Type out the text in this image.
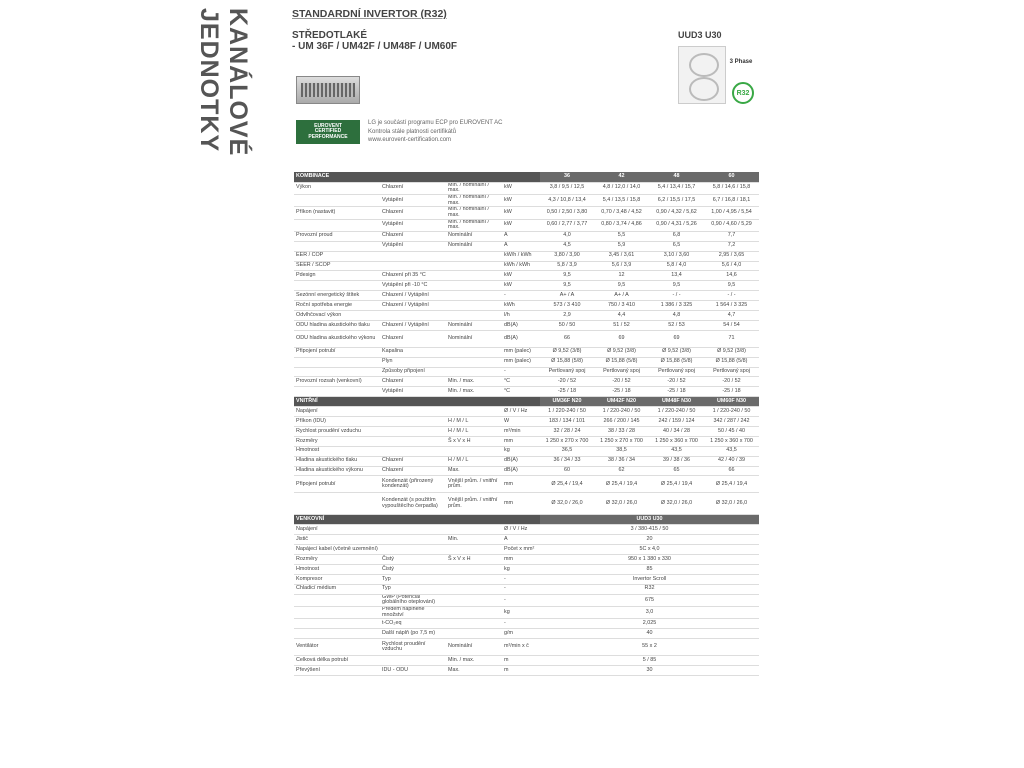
KANÁLOVÉ JEDNOTKY	STANDARDNÍ INVERTOR (R32)
STŘEDOTLAKÉ
- UM 36F / UM42F / UM48F / UM60F
EUROVENT
CERTIFIED
PERFORMANCE
LG je součástí programu ECP pro EUROVENT AC
Kontrola stále platnosti certifikátů
www.eurovent-certification.com
UUD3 U30
3 Phase
R32
KOMBINACE				36	42	48	60
Výkon	Chlazení	Min. / nominální / max.	kW	3,8 / 9,5 / 12,5	4,8 / 12,0 / 14,0	5,4 / 13,4 / 15,7	5,8 / 14,6 / 15,8
	Vytápění	Min. / nominální / max.	kW	4,3 / 10,8 / 13,4	5,4 / 13,5 / 15,8	6,2 / 15,5 / 17,5	6,7 / 16,8 / 18,1
Příkon (nastavit)	Chlazení	Min. / nominální / max.	kW	0,50 / 2,50 / 3,80	0,70 / 3,48 / 4,52	0,90 / 4,32 / 5,62	1,00 / 4,95 / 5,54
	Vytápění	Min. / nominální / max.	kW	0,60 / 2,77 / 3,77	0,80 / 3,74 / 4,86	0,90 / 4,31 / 5,26	0,90 / 4,60 / 5,29
Provozní proud	Chlazení	Nominální	A	4,0	5,5	6,8	7,7
	Vytápění	Nominální	A	4,5	5,9	6,5	7,2
EER / COP			kW/h / kWh	3,80 / 3,90	3,45 / 3,61	3,10 / 3,60	2,95 / 3,65
SEER / SCOP			kWh / kWh	5,8 / 3,9	5,6 / 3,9	5,8 / 4,0	5,6 / 4,0
Pdesign	Chlazení při 35 °C		kW	9,5	12	13,4	14,6
	Vytápění při -10 °C		kW	9,5	9,5	9,5	9,5
Sezónní energetický štítek	Chlazení / Vytápění		-	A+ / A	A+ / A	- / -	- / -
Roční spotřeba energie	Chlazení / Vytápění		kWh	573 / 3 410	750 / 3 410	1 386 / 3 325	1 564 / 3 325
Odvlhčovací výkon			l/h	2,9	4,4	4,8	4,7
ODU hladina akustického tlaku	Chlazení / Vytápění	Nominální	dB(A)	50 / 50	51 / 52	52 / 53	54 / 54
ODU hladina akustického výkonu	Chlazení	Nominální	dB(A)	66	69	69	71
Připojení potrubí	Kapalina		mm (palec)	Ø 9,52 (3/8)	Ø 9,52 (3/8)	Ø 9,52 (3/8)	Ø 9,52 (3/8)
	Plyn		mm (palec)	Ø 15,88 (5/8)	Ø 15,88 (5/8)	Ø 15,88 (5/8)	Ø 15,88 (5/8)
	Způsoby připojení		-	Pertlovaný spoj	Pertlovaný spoj	Pertlovaný spoj	Pertlovaný spoj
Provozní rozsah (venkovní)	Chlazení	Min. / max.	°C	-20 / 52	-20 / 52	-20 / 52	-20 / 52
	Vytápění	Min. / max.	°C	-25 / 18	-25 / 18	-25 / 18	-25 / 18
VNITŘNÍ				UM36F N20	UM42F N20	UM48F N30	UM60F N30
Napájení			Ø / V / Hz	1 / 220-240 / 50	1 / 220-240 / 50	1 / 220-240 / 50	1 / 220-240 / 50
Příkon (IDU)		H / M / L	W	183 / 134 / 101	266 / 200 / 145	242 / 159 / 124	342 / 287 / 242
Rychlost proudění vzduchu		H / M / L	m³/min	32 / 28 / 24	38 / 33 / 28	40 / 34 / 28	50 / 45 / 40
Rozměry		Š x V x H	mm	1 250 x 270 x 700	1 250 x 270 x 700	1 250 x 360 x 700	1 250 x 360 x 700
Hmotnost			kg	36,5	38,5	43,5	43,5
Hladina akustického tlaku	Chlazení	H / M / L	dB(A)	36 / 34 / 33	38 / 36 / 34	39 / 38 / 36	42 / 40 / 39
Hladina akustického výkonu	Chlazení	Max.	dB(A)	60	62	65	66
Připojení potrubí	Kondenzát (přirozený kondenzát)	Vnější prům. / vnitřní prům.	mm	Ø 25,4 / 19,4	Ø 25,4 / 19,4	Ø 25,4 / 19,4	Ø 25,4 / 19,4
	Kondenzát (s použitím vypouštěcího čerpadla)	Vnější prům. / vnitřní prům.	mm	Ø 32,0 / 26,0	Ø 32,0 / 26,0	Ø 32,0 / 26,0	Ø 32,0 / 26,0
VENKOVNÍ				UUD3 U30			
Napájení			Ø / V / Hz	3 / 380-415 / 50			
Jistič		Min.	A	20			
Napájecí kabel (včetně uzemnění)			Počet x mm²	5C x 4,0			
Rozměry	Čistý	Š x V x H	mm	950 x 1 380 x 330			
Hmotnost	Čistý		kg	85			
Kompresor	Typ		-	Invertor Scroll			
Chladicí médium	Typ		-	R32			
	GWP (Potenciál globálního oteplování)		-	675			
	Předem naplněné množství		kg	3,0			
	t-CO₂eq		-	2,025			
	Další náplň (po 7,5 m)		g/m	40			
Ventilátor	Rychlost proudění vzduchu	Nominální	m³/min x č	55 x 2			
Celková délka potrubí		Min. / max.	m	5 / 85			
Převýšení	IDU - ODU	Max.	m	30			
